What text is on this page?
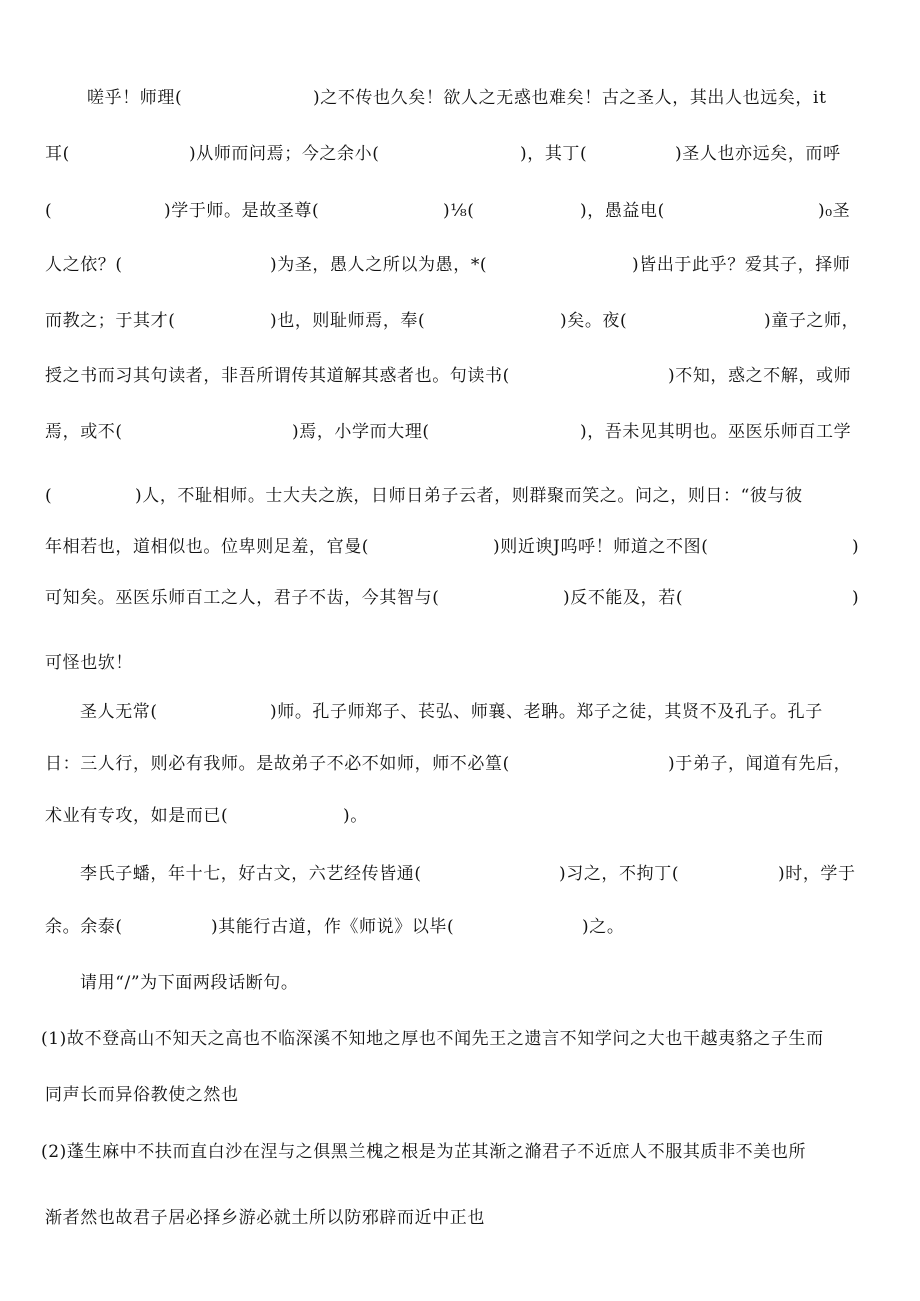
嗟乎！师理(	)之不传也久矣！欲人之无惑也难矣！古之圣人，其出人也远矣，it
耳(	)从师而问焉；今之余小(	)，其丁(	)圣人也亦远矣，而呼
(	)学于师。是故圣尊(	)⅛(	)，愚益电(	)₀圣
人之依？(	)为圣，愚人之所以为愚，*(	)皆出于此乎？爱其子，择师
而教之；于其才(	)也，则耻师焉，奉(	)矣。夜(	)童子之师，
授之书而习其句读者，非吾所谓传其道解其惑者也。句读书(	)不知，惑之不解，或师
焉，或不(	)焉，小学而大理(	)，吾未见其明也。巫医乐师百工学
(	)人，不耻相师。士大夫之族，日师日弟子云者，则群聚而笑之。问之，则日：“彼与彼
年相若也，道相似也。位卑则足羞，官曼(	)则近谀J呜呼！师道之不图(	)
可知矣。巫医乐师百工之人，君子不齿，今其智与(	)反不能及，若(	)
可怪也欤！
圣人无常(	)师。孔子师郑子、苌弘、师襄、老聃。郑子之徒，其贤不及孔子。孔子
日：三人行，则必有我师。是故弟子不必不如师，师不必篁(	)于弟子，闻道有先后，
术业有专攻，如是而已(	)。
李氏子蟠，年十七，好古文，六艺经传皆通(	)习之，不拘丁(	)时，学于
余。余泰(	)其能行古道，作《师说》以毕(	)之。
请用“/”为下面两段话断句。
(1)故不登高山不知天之高也不临深溪不知地之厚也不闻先王之遗言不知学问之大也干越夷貉之子生而
同声长而异俗教使之然也
(2)蓬生麻中不扶而直白沙在涅与之俱黑兰槐之根是为芷其渐之滫君子不近庶人不服其质非不美也所
渐者然也故君子居必择乡游必就土所以防邪辟而近中正也
